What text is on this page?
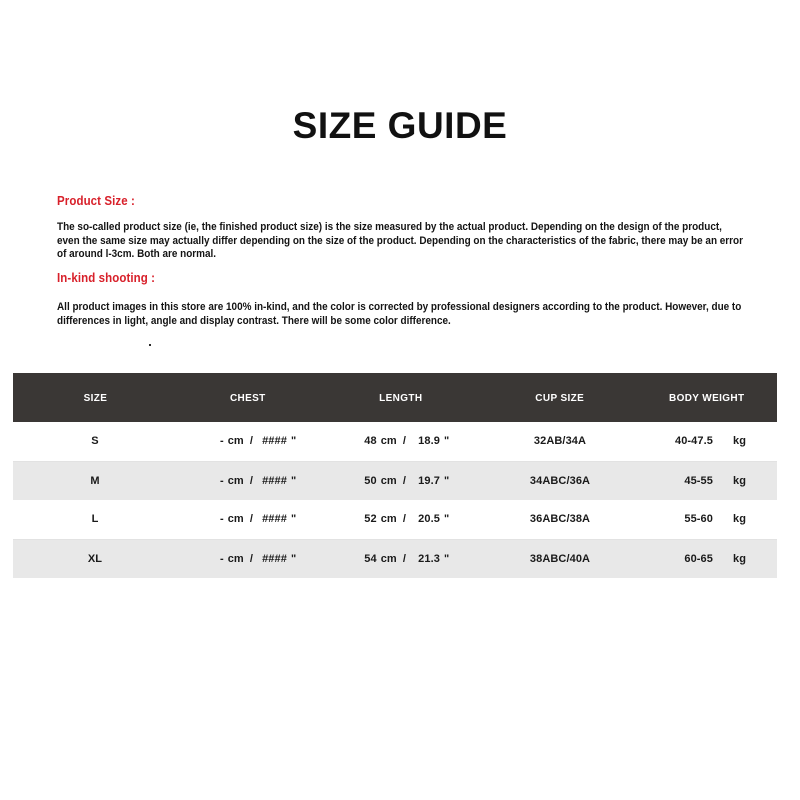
SIZE GUIDE
Product Size :
The so-called product size (ie, the finished product size) is the size measured by the actual product. Depending on the design of the product, even the same size may actually differ depending on the size of the product. Depending on the characteristics of the fabric, there may be an error of around l-3cm. Both are normal.
In-kind shooting :
All product images in this store are 100% in-kind, and the color is corrected by professional designers according to the product. However, due to differences in light, angle and display contrast. There will be some color difference.
SIZE	CHEST	LENGTH	CUP SIZE	BODY WEIGHT
S	- cm / #### "	48 cm / 18.9 "	32AB/34A	40-47.5 kg

M	- cm / #### "	50 cm / 19.7 "	34ABC/36A	45-55 kg

L	- cm / #### "	52 cm / 20.5 "	36ABC/38A	55-60 kg

XL	- cm / #### "	54 cm / 21.3 "	38ABC/40A	60-65 kg
